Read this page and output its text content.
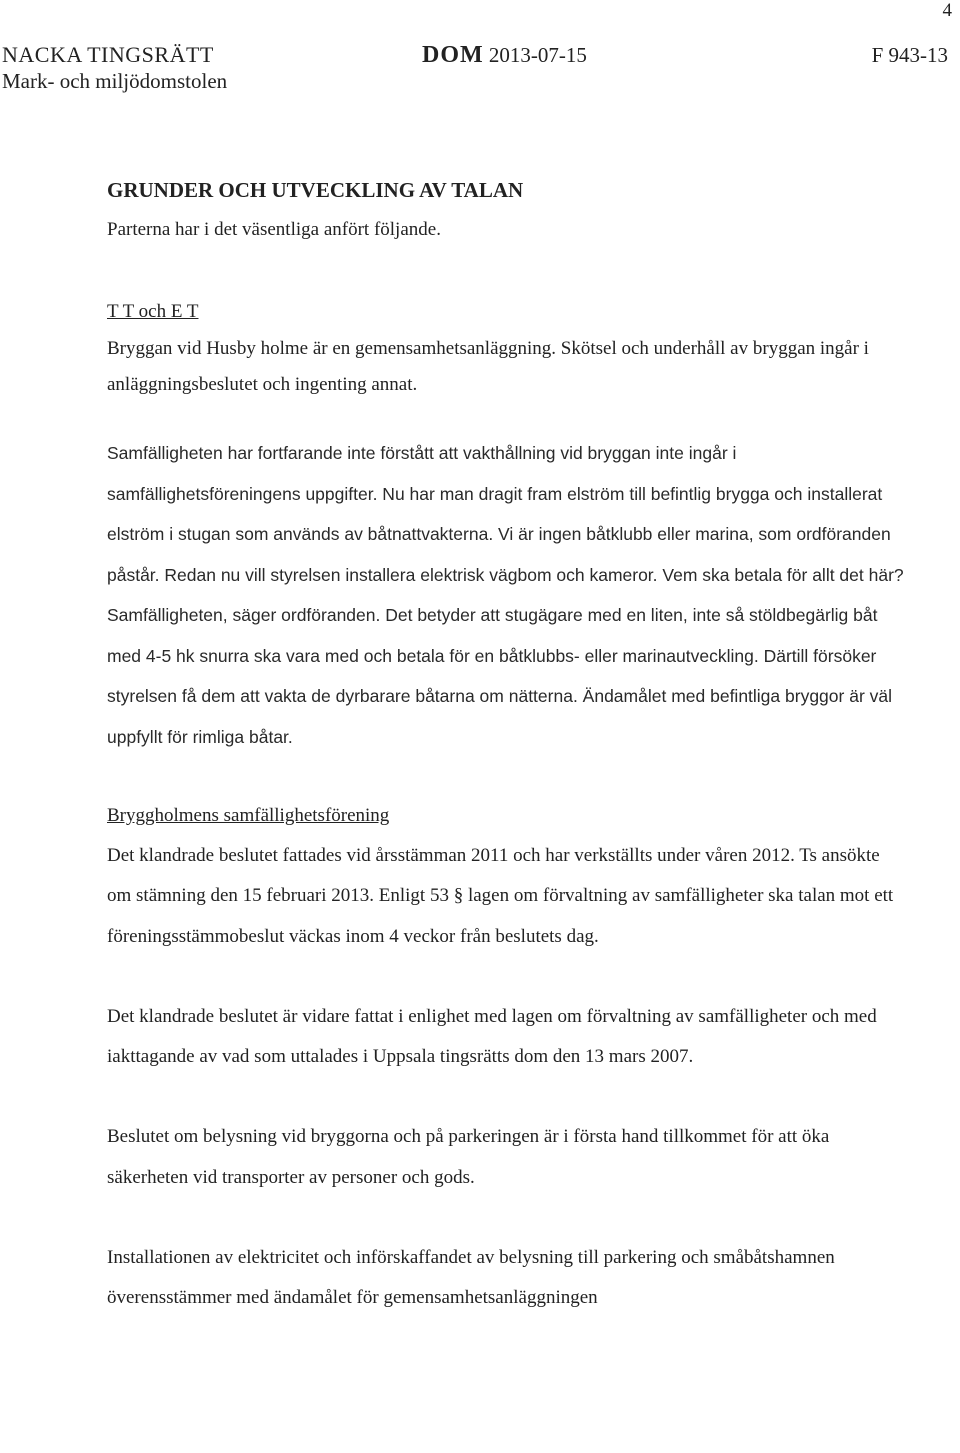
4
NACKA TINGSRÄTT
Mark- och miljödomstolen
DOM 2013-07-15	F 943-13

GRUNDER OCH UTVECKLING AV TALAN

Parterna har i det väsentliga anfört följande.

T T och E T

Bryggan vid Husby holme är en gemensamhetsanläggning. Skötsel och underhåll av bryggan ingår i anläggningsbeslutet och ingenting annat.

Samfälligheten har fortfarande inte förstått att vakthållning vid bryggan inte ingår i samfällighetsföreningens uppgifter. Nu har man dragit fram elström till befintlig brygga och installerat elström i stugan som används av båtnattvakterna. Vi är ingen båtklubb eller marina, som ordföranden påstår. Redan nu vill styrelsen installera elektrisk vägbom och kameror. Vem ska betala för allt det här? Samfälligheten, säger ordföranden. Det betyder att stugägare med en liten, inte så stöldbegärlig båt med 4-5 hk snurra ska vara med och betala för en båtklubbs- eller marinautveckling. Därtill försöker styrelsen få dem att vakta de dyrbarare båtarna om nätterna. Ändamålet med befintliga bryggor är väl uppfyllt för rimliga båtar.

Bryggholmens samfällighetsförening

Det klandrade beslutet fattades vid årsstämman 2011 och har verkställts under våren 2012. Ts ansökte om stämning den 15 februari 2013. Enligt 53 § lagen om förvaltning av samfälligheter ska talan mot ett föreningsstämmobeslut väckas inom 4 veckor från beslutets dag.

Det klandrade beslutet är vidare fattat i enlighet med lagen om förvaltning av samfälligheter och med iakttagande av vad som uttalades i Uppsala tingsrätts dom den 13 mars 2007.

Beslutet om belysning vid bryggorna och på parkeringen är i första hand tillkommet för att öka säkerheten vid transporter av personer och gods.

Installationen av elektricitet och införskaffandet av belysning till parkering och småbåtshamnen överensstämmer med ändamålet för gemensamhetsanläggningen
